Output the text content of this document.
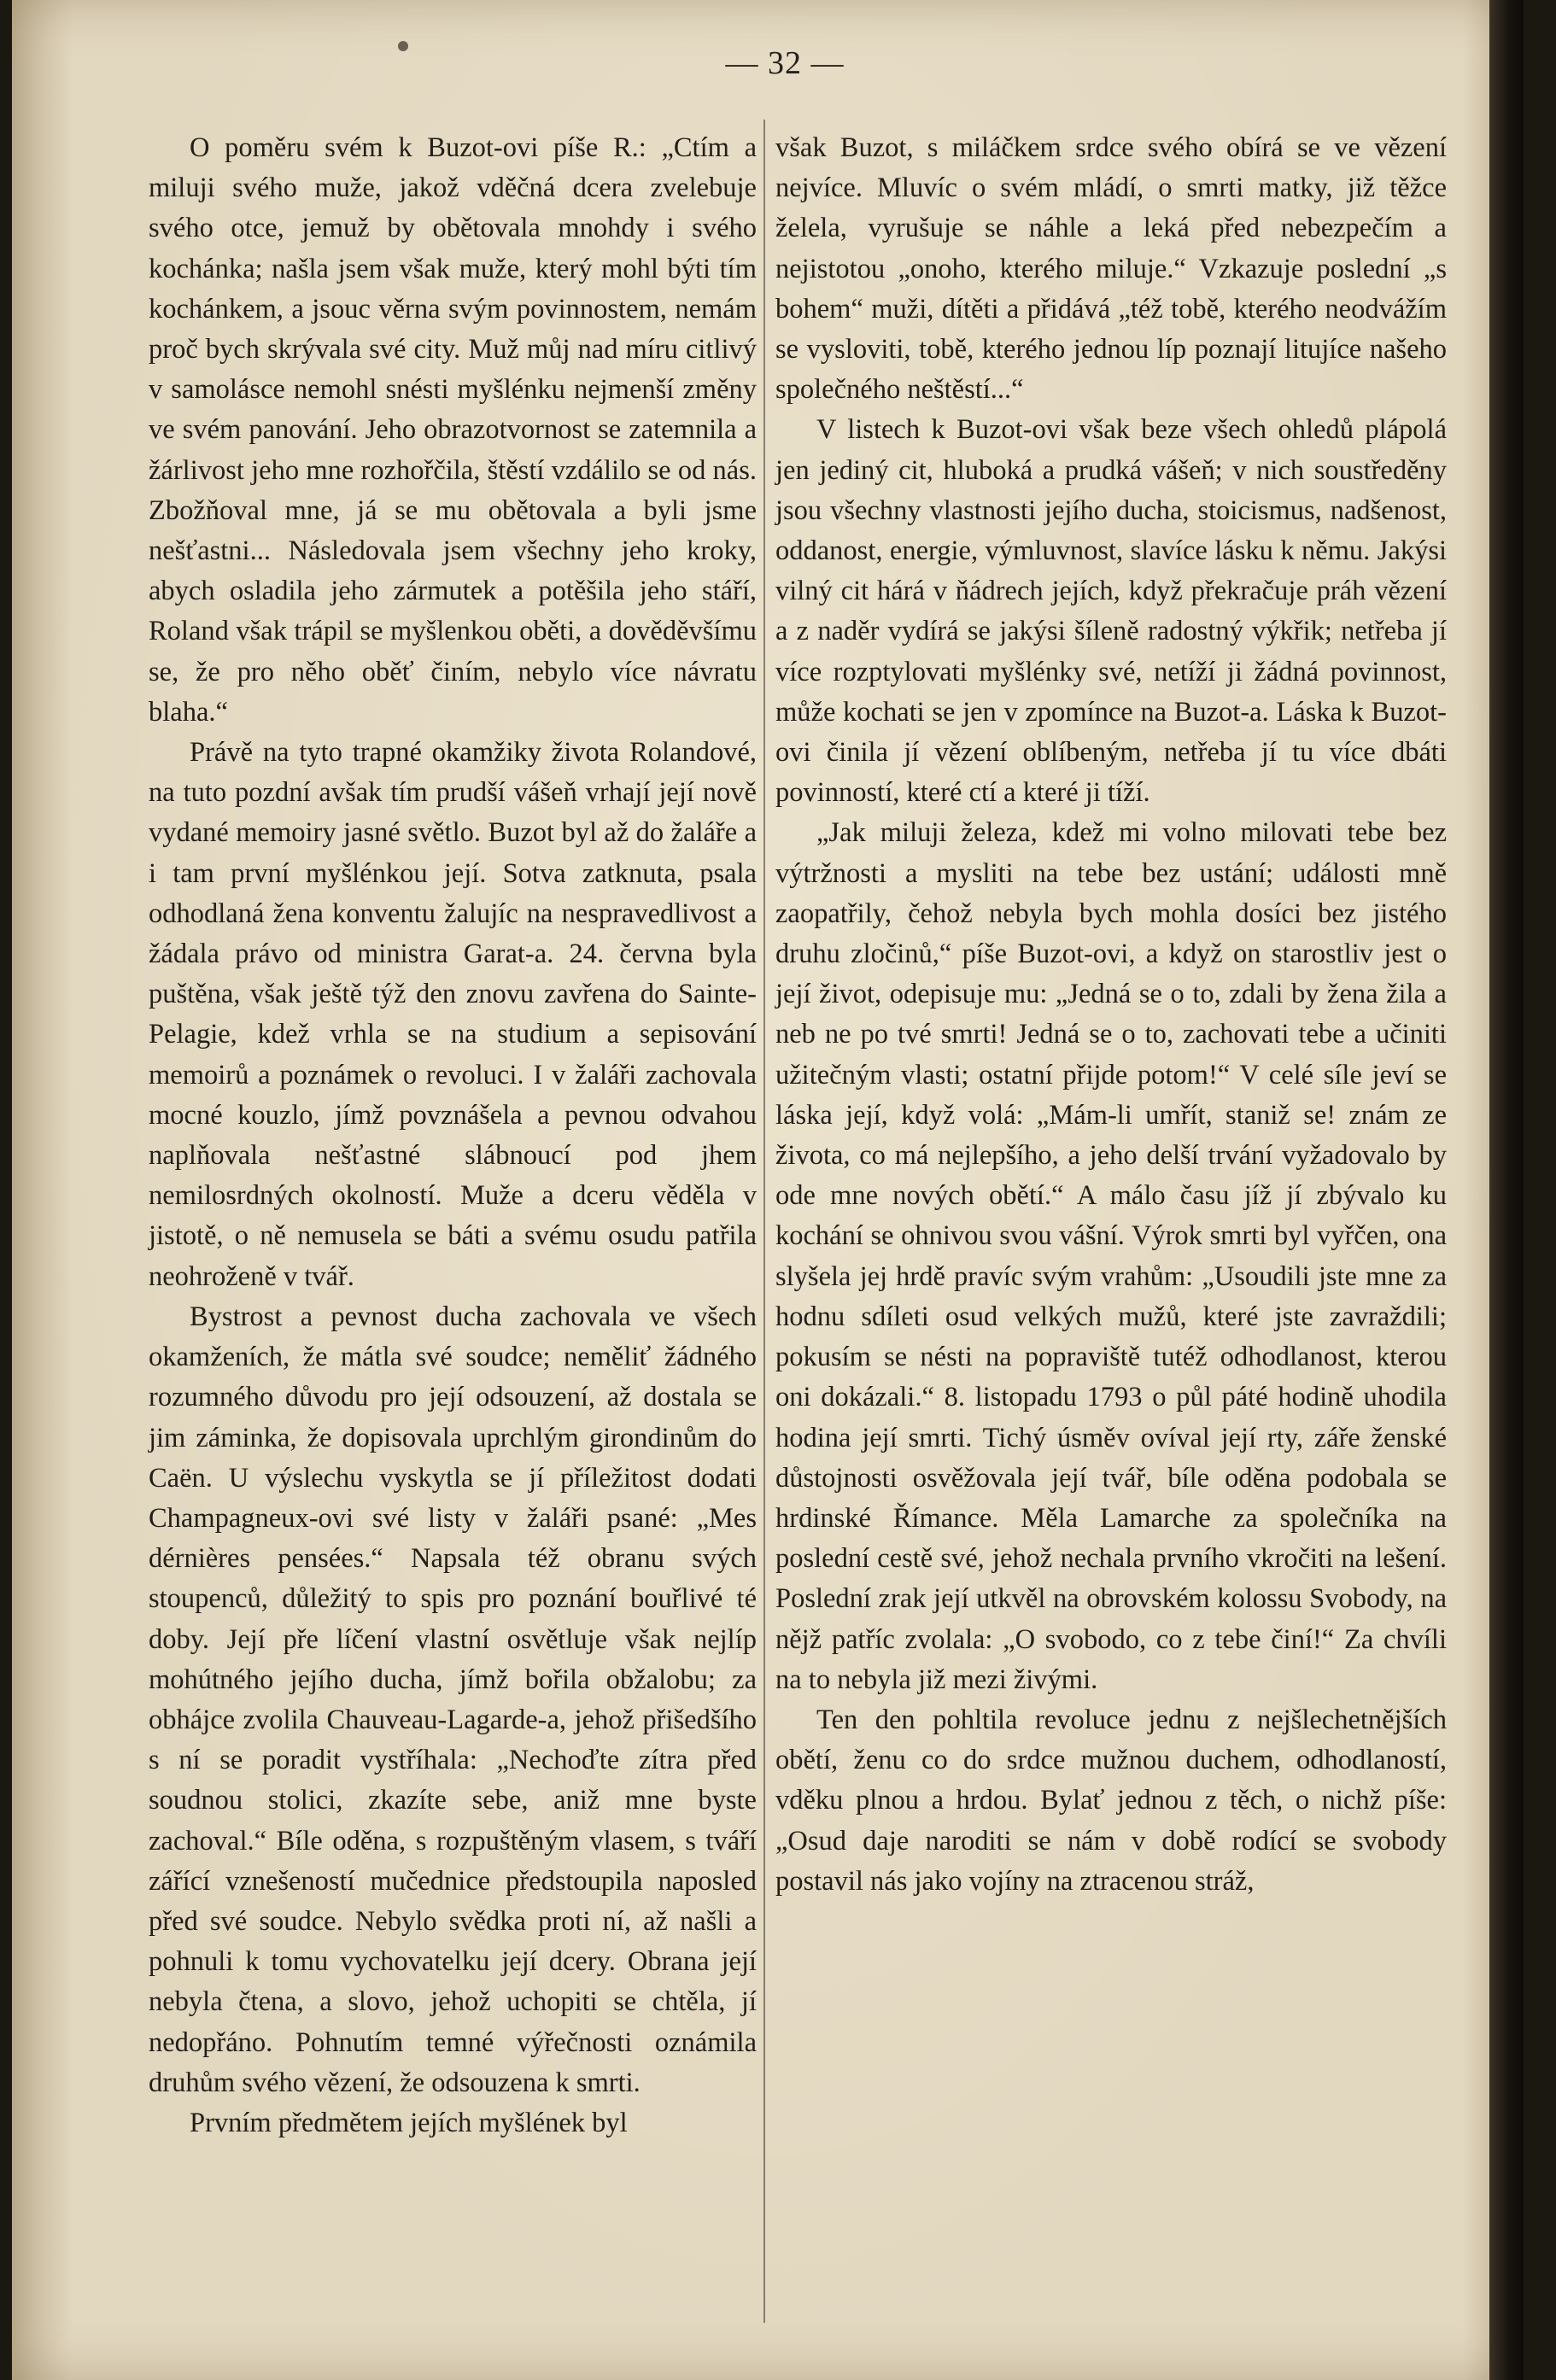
— 32 —

O poměru svém k Buzot-ovi píše R.: „Ctím a miluji svého muže, jakož vděčná dcera zvelebuje svého otce, jemuž by obětovala mnohdy i svého kochánka; našla jsem však muže, který mohl býti tím kochánkem, a jsouc věrna svým povinnostem, nemám proč bych skrývala své city. Muž můj nad míru citlivý v samolásce nemohl snésti myšlénku nejmenší změny ve svém panování. Jeho obrazotvornost se zatemnila a žárlivost jeho mne rozhořčila, štěstí vzdálilo se od nás. Zbožňoval mne, já se mu obětovala a byli jsme nešťastni... Následovala jsem všechny jeho kroky, abych osladila jeho zármutek a potěšila jeho stáří, Roland však trápil se myšlenkou oběti, a dověděvšímu se, že pro něho oběť činím, nebylo více návratu blaha.“

Právě na tyto trapné okamžiky života Rolandové, na tuto pozdní avšak tím prudší vášeň vrhají její nově vydané memoiry jasné světlo. Buzot byl až do žaláře a i tam první myšlénkou její. Sotva zatknuta, psala odhodlaná žena konventu žalujíc na nespravedlivost a žádala právo od ministra Garat-a. 24. června byla puštěna, však ještě týž den znovu zavřena do Sainte-Pelagie, kdež vrhla se na studium a sepisování memoirů a poznámek o revoluci. I v žaláři zachovala mocné kouzlo, jímž povznášela a pevnou odvahou naplňovala nešťastné slábnoucí pod jhem nemilosrdných okolností. Muže a dceru věděla v jistotě, o ně nemusela se báti a svému osudu patřila neohroženě v tvář.

Bystrost a pevnost ducha zachovala ve všech okamženích, že mátla své soudce; neměliť žádného rozumného důvodu pro její odsouzení, až dostala se jim záminka, že dopisovala uprchlým girondinům do Caën. U výslechu vyskytla se jí příležitost dodati Champagneux-ovi své listy v žaláři psané: „Mes dérnières pensées.“ Napsala též obranu svých stoupenců, důležitý to spis pro poznání bouřlivé té doby. Její pře líčení vlastní osvětluje však nejlíp mohútného jejího ducha, jímž bořila obžalobu; za obhájce zvolila Chauveau-Lagarde-a, jehož přišedšího s ní se poradit vystříhala: „Nechoďte zítra před soudnou stolici, zkazíte sebe, aniž mne byste zachoval.“ Bíle oděna, s rozpuštěným vlasem, s tváří zářící vznešeností mučednice předstoupila naposled před své soudce. Nebylo svědka proti ní, až našli a pohnuli k tomu vychovatelku její dcery. Obrana její nebyla čtena, a slovo, jehož uchopiti se chtěla, jí nedopřáno. Pohnutím temné výřečnosti oznámila druhům svého vězení, že odsouzena k smrti.

Prvním předmětem jejích myšlének byl

však Buzot, s miláčkem srdce svého obírá se ve vězení nejvíce. Mluvíc o svém mládí, o smrti matky, již těžce želela, vyrušuje se náhle a leká před nebezpečím a nejistotou „onoho, kterého miluje.“ Vzkazuje poslední „s bohem“ muži, dítěti a přidává „též tobě, kterého neodvážím se vysloviti, tobě, kterého jednou líp poznají litujíce našeho společného neštěstí...“

V listech k Buzot-ovi však beze všech ohledů plápolá jen jediný cit, hluboká a prudká vášeň; v nich soustředěny jsou všechny vlastnosti jejího ducha, stoicismus, nadšenost, oddanost, energie, výmluvnost, slavíce lásku k němu. Jakýsi vilný cit hárá v ňádrech jejích, když překračuje práh vězení a z naděr vydírá se jakýsi šíleně radostný výkřik; netřeba jí více rozptylovati myšlénky své, netíží ji žádná povinnost, může kochati se jen v zpomínce na Buzot-a. Láska k Buzot-ovi činila jí vězení oblíbeným, netřeba jí tu více dbáti povinností, které ctí a které ji tíží.

„Jak miluji železa, kdež mi volno milovati tebe bez výtržnosti a mysliti na tebe bez ustání; události mně zaopatřily, čehož nebyla bych mohla dosíci bez jistého druhu zločinů,“ píše Buzot-ovi, a když on starostliv jest o její život, odepisuje mu: „Jedná se o to, zdali by žena žila a neb ne po tvé smrti! Jedná se o to, zachovati tebe a učiniti užitečným vlasti; ostatní přijde potom!“ V celé síle jeví se láska její, když volá: „Mám-li umřít, staniž se! znám ze života, co má nejlepšího, a jeho delší trvání vyžadovalo by ode mne nových obětí.“ A málo času jíž jí zbývalo ku kochání se ohnivou svou vášní. Výrok smrti byl vyřčen, ona slyšela jej hrdě pravíc svým vrahům: „Usoudili jste mne za hodnu sdíleti osud velkých mužů, které jste zavraždili; pokusím se nésti na popraviště tutéž odhodlanost, kterou oni dokázali.“ 8. listopadu 1793 o půl páté hodině uhodila hodina její smrti. Tichý úsměv ovíval její rty, záře ženské důstojnosti osvěžovala její tvář, bíle oděna podobala se hrdinské Římance. Měla Lamarche za společníka na poslední cestě své, jehož nechala prvního vkročiti na lešení. Poslední zrak její utkvěl na obrovském kolossu Svobody, na nějž patříc zvolala: „O svobodo, co z tebe činí!“ Za chvíli na to nebyla již mezi živými.

Ten den pohltila revoluce jednu z nejšlechetnějších obětí, ženu co do srdce mužnou duchem, odhodlaností, vděku plnou a hrdou. Bylať jednou z těch, o nichž píše: „Osud daje naroditi se nám v době rodící se svobody postavil nás jako vojíny na ztracenou stráž,
